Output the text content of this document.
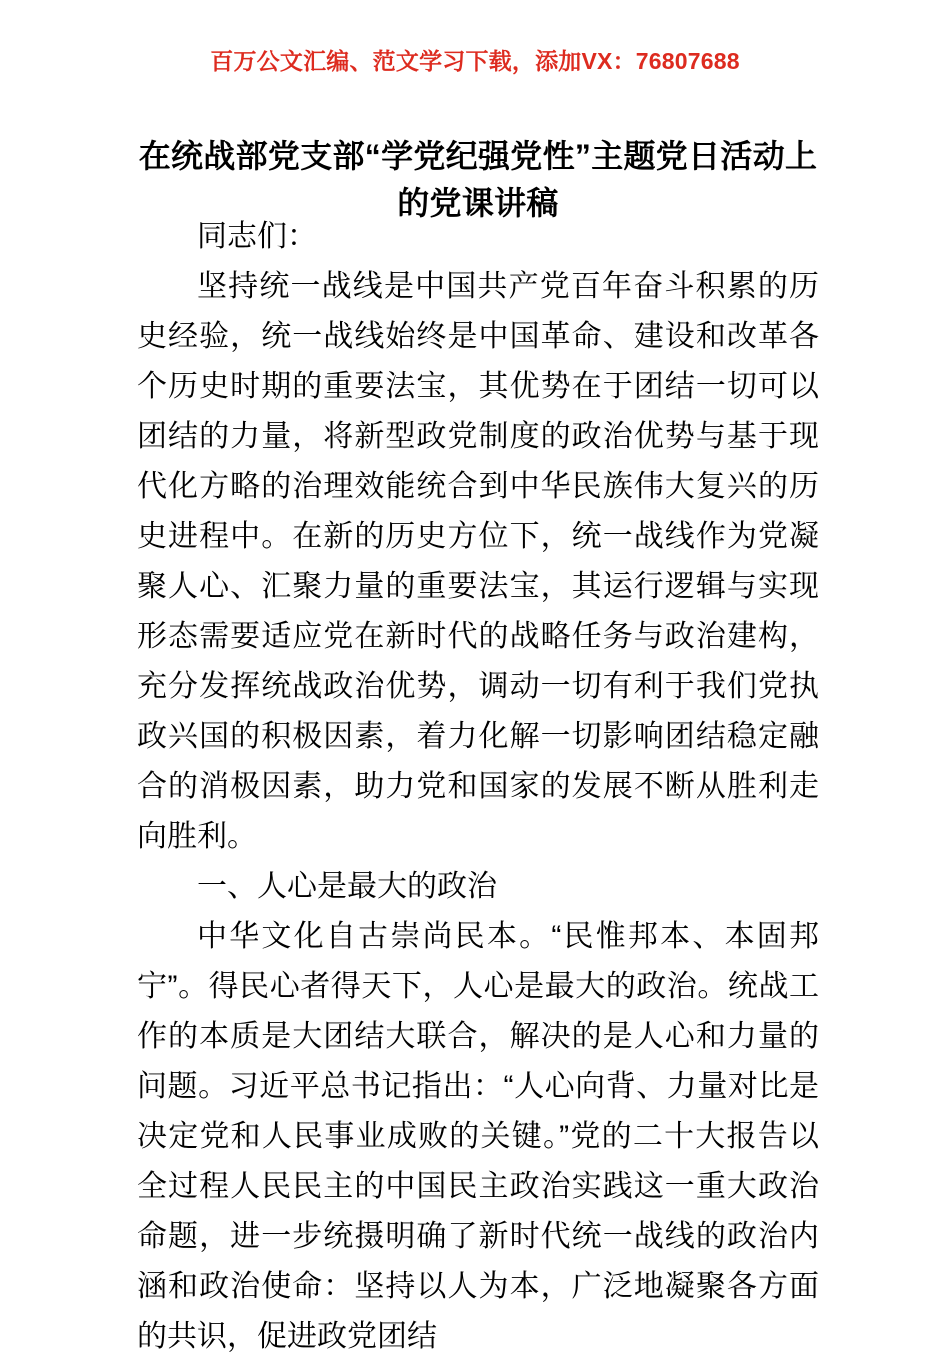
百万公文汇编、范文学习下载，添加VX：76807688
在统战部党支部“学党纪强党性”主题党日活动上的党课讲稿

同志们：

坚持统一战线是中国共产党百年奋斗积累的历史经验，统一战线始终是中国革命、建设和改革各个历史时期的重要法宝，其优势在于团结一切可以团结的力量，将新型政党制度的政治优势与基于现代化方略的治理效能统合到中华民族伟大复兴的历史进程中。在新的历史方位下，统一战线作为党凝聚人心、汇聚力量的重要法宝，其运行逻辑与实现形态需要适应党在新时代的战略任务与政治建构，充分发挥统战政治优势，调动一切有利于我们党执政兴国的积极因素，着力化解一切影响团结稳定融合的消极因素，助力党和国家的发展不断从胜利走向胜利。

一、人心是最大的政治

中华文化自古崇尚民本。“民惟邦本、本固邦宁”。得民心者得天下，人心是最大的政治。统战工作的本质是大团结大联合，解决的是人心和力量的问题。习近平总书记指出：“人心向背、力量对比是决定党和人民事业成败的关键。”党的二十大报告以全过程人民民主的中国民主政治实践这一重大政治命题，进一步统摄明确了新时代统一战线的政治内涵和政治使命：坚持以人为本，广泛地凝聚各方面的共识，促进政党团结
